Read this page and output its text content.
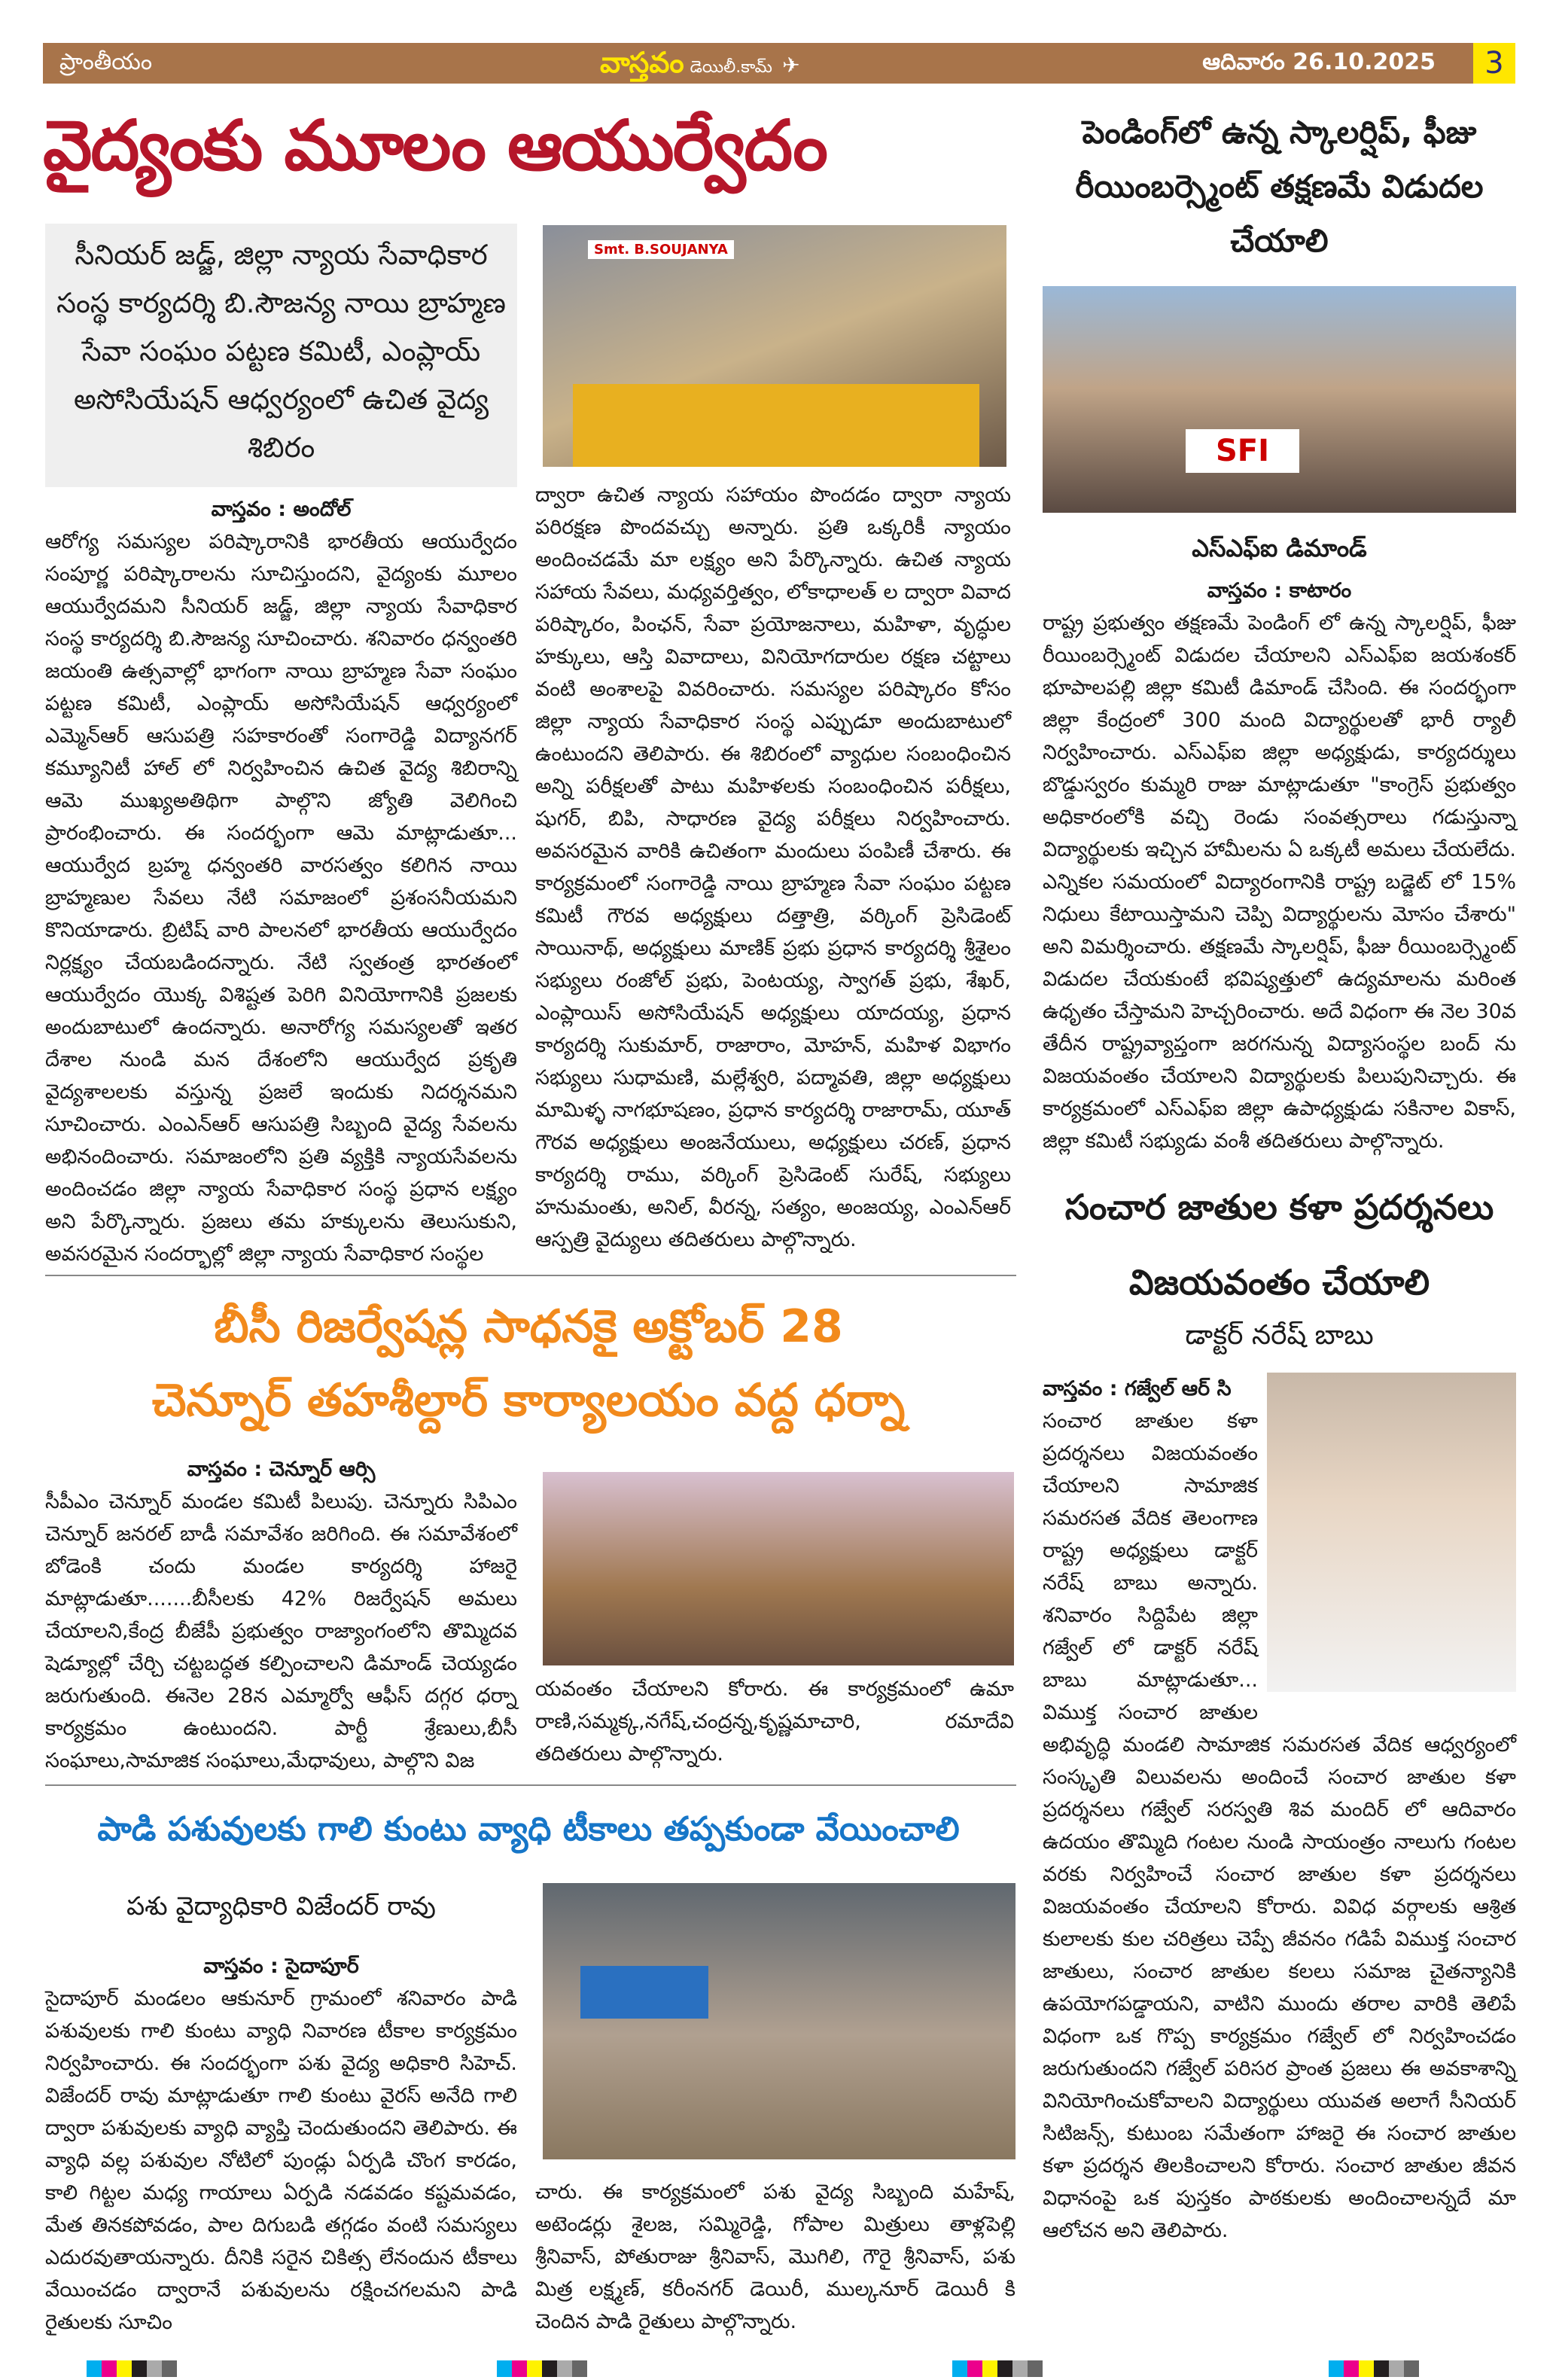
ప్రాంతీయం	వాస్తవం డెయిలీ.కామ్ ✈	ఆదివారం 26.10.2025	3
వైద్యంకు మూలం ఆయుర్వేదం
సీనియర్ జడ్జ్, జిల్లా న్యాయ సేవాధికార సంస్థ కార్యదర్శి బి.సౌజన్య నాయి బ్రాహ్మణ సేవా సంఘం పట్టణ కమిటీ, ఎంప్లాయ్ అసోసియేషన్ ఆధ్వర్యంలో ఉచిత వైద్య శిబిరం
Smt. B.SOUJANYA
వాస్తవం : అందోల్
ఆరోగ్య సమస్యల పరిష్కారానికి భారతీయ ఆయుర్వేదం సంపూర్ణ పరిష్కారాలను సూచిస్తుందని, వైద్యంకు మూలం ఆయుర్వేదమని సీనియర్ జడ్జ్, జిల్లా న్యాయ సేవాధికార సంస్థ కార్యదర్శి బి.సౌజన్య సూచించారు. శనివారం ధన్వంతరి జయంతి ఉత్సవాల్లో భాగంగా నాయి బ్రాహ్మణ సేవా సంఘం పట్టణ కమిటీ, ఎంప్లాయ్ అసోసియేషన్ ఆధ్వర్యంలో ఎమ్మెన్ఆర్ ఆసుపత్రి సహకారంతో సంగారెడ్డి విద్యానగర్ కమ్యూనిటీ హాల్ లో నిర్వహించిన ఉచిత వైద్య శిబిరాన్ని ఆమె ముఖ్యఅతిథిగా పాల్గొని జ్యోతి వెలిగించి ప్రారంభించారు. ఈ సందర్భంగా ఆమె మాట్లాడుతూ... ఆయుర్వేద బ్రహ్మ ధన్వంతరి వారసత్వం కలిగిన నాయి బ్రాహ్మణుల సేవలు నేటి సమాజంలో ప్రశంసనీయమని కొనియాడారు. బ్రిటిష్ వారి పాలనలో భారతీయ ఆయుర్వేదం నిర్లక్ష్యం చేయబడిందన్నారు. నేటి స్వతంత్ర భారతంలో ఆయుర్వేదం యొక్క విశిష్టత పెరిగి వినియోగానికి ప్రజలకు అందుబాటులో ఉందన్నారు. అనారోగ్య సమస్యలతో ఇతర దేశాల నుండి మన దేశంలోని ఆయుర్వేద ప్రకృతి వైద్యశాలలకు వస్తున్న ప్రజలే ఇందుకు నిదర్శనమని సూచించారు. ఎంఎన్ఆర్ ఆసుపత్రి సిబ్బంది వైద్య సేవలను అభినందించారు. సమాజంలోని ప్రతి వ్యక్తికి న్యాయసేవలను అందించడం జిల్లా న్యాయ సేవాధికార సంస్థ ప్రధాన లక్ష్యం అని పేర్కొన్నారు. ప్రజలు తమ హక్కులను తెలుసుకుని, అవసరమైన సందర్భాల్లో జిల్లా న్యాయ సేవాధికార సంస్థల
ద్వారా ఉచిత న్యాయ సహాయం పొందడం ద్వారా న్యాయ పరిరక్షణ పొందవచ్చు అన్నారు. ప్రతి ఒక్కరికీ న్యాయం అందించడమే మా లక్ష్యం అని పేర్కొన్నారు. ఉచిత న్యాయ సహాయ సేవలు, మధ్యవర్తిత్వం, లోకాధాలత్ ల ద్వారా వివాద పరిష్కారం, పింఛన్, సేవా ప్రయోజనాలు, మహిళా, వృద్ధుల హక్కులు, ఆస్తి వివాదాలు, వినియోగదారుల రక్షణ చట్టాలు వంటి అంశాలపై వివరించారు. సమస్యల పరిష్కారం కోసం జిల్లా న్యాయ సేవాధికార సంస్థ ఎప్పుడూ అందుబాటులో ఉంటుందని తెలిపారు. ఈ శిబిరంలో వ్యాధుల సంబంధించిన అన్ని పరీక్షలతో పాటు మహిళలకు సంబంధించిన పరీక్షలు, షుగర్, బిపి, సాధారణ వైద్య పరీక్షలు నిర్వహించారు. అవసరమైన వారికి ఉచితంగా మందులు పంపిణీ చేశారు. ఈ కార్యక్రమంలో సంగారెడ్డి నాయి బ్రాహ్మణ సేవా సంఘం పట్టణ కమిటీ గౌరవ అధ్యక్షులు దత్తాత్రి, వర్కింగ్ ప్రెసిడెంట్ సాయినాథ్, అధ్యక్షులు మాణిక్ ప్రభు ప్రధాన కార్యదర్శి శ్రీశైలం సభ్యులు రంజోల్ ప్రభు, పెంటయ్య, స్వాగత్ ప్రభు, శేఖర్, ఎంప్లాయిస్ అసోసియేషన్ అధ్యక్షులు యాదయ్య, ప్రధాన కార్యదర్శి సుకుమార్, రాజారాం, మోహన్, మహిళ విభాగం సభ్యులు సుధామణి, మల్లేశ్వరి, పద్మావతి, జిల్లా అధ్యక్షులు మామిళ్ళ నాగభూషణం, ప్రధాన కార్యదర్శి రాజారామ్, యూత్ గౌరవ అధ్యక్షులు అంజనేయులు, అధ్యక్షులు చరణ్, ప్రధాన కార్యదర్శి రాము, వర్కింగ్ ప్రెసిడెంట్ సురేష్, సభ్యులు హనుమంతు, అనిల్, వీరన్న, సత్యం, అంజయ్య, ఎంఎన్ఆర్ ఆస్పత్రి వైద్యులు తదితరులు పాల్గొన్నారు.
పెండింగ్‌లో ఉన్న స్కాలర్షిప్, ఫీజు రీయింబర్స్మెంట్ తక్షణమే విడుదల చేయాలి
SFI
ఎస్ఎఫ్ఐ డిమాండ్
వాస్తవం : కాటారం
రాష్ట్ర ప్రభుత్వం తక్షణమే పెండింగ్ లో ఉన్న స్కాలర్షిప్, ఫీజు రీయింబర్స్మెంట్ విడుదల చేయాలని ఎస్ఎఫ్ఐ జయశంకర్ భూపాలపల్లి జిల్లా కమిటీ డిమాండ్ చేసింది. ఈ సందర్భంగా జిల్లా కేంద్రంలో 300 మంది విద్యార్థులతో భారీ ర్యాలీ నిర్వహించారు. ఎస్ఎఫ్ఐ జిల్లా అధ్యక్షుడు, కార్యదర్శులు బొడ్డుస్వరం కుమ్మరి రాజు మాట్లాడుతూ "కాంగ్రెస్ ప్రభుత్వం అధికారంలోకి వచ్చి రెండు సంవత్సరాలు గడుస్తున్నా విద్యార్థులకు ఇచ్చిన హామీలను ఏ ఒక్కటీ అమలు చేయలేదు. ఎన్నికల సమయంలో విద్యారంగానికి రాష్ట్ర బడ్జెట్ లో 15% నిధులు కేటాయిస్తామని చెప్పి విద్యార్థులను మోసం చేశారు" అని విమర్శించారు. తక్షణమే స్కాలర్షిప్, ఫీజు రీయింబర్స్మెంట్ విడుదల చేయకుంటే భవిష్యత్తులో ఉద్యమాలను మరింత ఉధృతం చేస్తామని హెచ్చరించారు. అదే విధంగా ఈ నెల 30వ తేదీన రాష్ట్రవ్యాప్తంగా జరగనున్న విద్యాసంస్థల బంద్ ను విజయవంతం చేయాలని విద్యార్థులకు పిలుపునిచ్చారు. ఈ కార్యక్రమంలో ఎస్ఎఫ్ఐ జిల్లా ఉపాధ్యక్షుడు సకినాల వికాస్, జిల్లా కమిటీ సభ్యుడు వంశీ తదితరులు పాల్గొన్నారు.
సంచార జాతుల కళా ప్రదర్శనలు
విజయవంతం చేయాలి
డాక్టర్ నరేష్ బాబు
వాస్తవం : గజ్వేల్ ఆర్ సి
సంచార జాతుల కళా ప్రదర్శనలు విజయవంతం చేయాలని సామాజిక సమరసత వేదిక తెలంగాణ రాష్ట్ర అధ్యక్షులు డాక్టర్ నరేష్ బాబు అన్నారు. శనివారం సిద్దిపేట జిల్లా గజ్వేల్ లో డాక్టర్ నరేష్ బాబు మాట్లాడుతూ... విముక్త సంచార జాతుల అభివృద్ధి మండలి సామాజిక సమరసత వేదిక ఆధ్వర్యంలో సంస్కృతి విలువలను అందించే సంచార జాతుల కళా ప్రదర్శనలు గజ్వేల్ సరస్వతి శివ మందిర్ లో ఆదివారం ఉదయం తొమ్మిది గంటల నుండి సాయంత్రం నాలుగు గంటల వరకు నిర్వహించే సంచార జాతుల కళా ప్రదర్శనలు విజయవంతం చేయాలని కోరారు. వివిధ వర్గాలకు ఆశ్రిత కులాలకు కుల చరిత్రలు చెప్పే జీవనం గడిపే విముక్త సంచార జాతులు, సంచార జాతుల కలలు సమాజ చైతన్యానికి ఉపయోగపడ్డాయని, వాటిని ముందు తరాల వారికి తెలిపే విధంగా ఒక గొప్ప కార్యక్రమం గజ్వేల్ లో నిర్వహించడం జరుగుతుందని గజ్వేల్ పరిసర ప్రాంత ప్రజలు ఈ అవకాశాన్ని వినియోగించుకోవాలని విద్యార్థులు యువత అలాగే సీనియర్ సిటిజన్స్, కుటుంబ సమేతంగా హాజరై ఈ సంచార జాతుల కళా ప్రదర్శన తిలకించాలని కోరారు. సంచార జాతుల జీవన విధానంపై ఒక పుస్తకం పాఠకులకు అందించాలన్నదే మా ఆలోచన అని తెలిపారు.
బీసీ రిజర్వేషన్ల సాధనకై అక్టోబర్ 28
చెన్నూర్ తహశీల్దార్ కార్యాలయం వద్ద ధర్నా
వాస్తవం : చెన్నూర్ ఆర్సి
సీపీఎం చెన్నూర్ మండల కమిటీ పిలుపు. చెన్నూరు సిపిఎం చెన్నూర్ జనరల్ బాడీ సమావేశం జరిగింది. ఈ సమావేశంలో బోడెంకి చందు మండల కార్యదర్శి హాజరై మాట్లాడుతూ.......బీసీలకు 42% రిజర్వేషన్ అమలు చేయాలని,కేంద్ర బీజేపీ ప్రభుత్వం రాజ్యాంగంలోని తొమ్మిదవ షెడ్యూల్లో చేర్చి చట్టబద్ధత కల్పించాలని డిమాండ్ చెయ్యడం జరుగుతుంది. ఈనెల 28న ఎమ్మార్వో ఆఫీస్ దగ్గర ధర్నా కార్యక్రమం ఉంటుందని. పార్టీ శ్రేణులు,బీసీ సంఘాలు,సామాజిక సంఘాలు,మేధావులు, పాల్గొని విజ
యవంతం చేయాలని కోరారు. ఈ కార్యక్రమంలో ఉమా రాణి,సమ్మక్క,నగేష్,చంద్రన్న,కృష్ణమాచారి, రమాదేవి తదితరులు పాల్గొన్నారు.
పాడి పశువులకు గాలి కుంటు వ్యాధి టీకాలు తప్పకుండా వేయించాలి
పశు వైద్యాధికారి విజేందర్ రావు
వాస్తవం : సైదాపూర్
సైదాపూర్ మండలం ఆకునూర్ గ్రామంలో శనివారం పాడి పశువులకు గాలి కుంటు వ్యాధి నివారణ టీకాల కార్యక్రమం నిర్వహించారు. ఈ సందర్భంగా పశు వైద్య అధికారి సిహెచ్. విజేందర్ రావు మాట్లాడుతూ గాలి కుంటు వైరస్ అనేది గాలి ద్వారా పశువులకు వ్యాధి వ్యాప్తి చెందుతుందని తెలిపారు. ఈ వ్యాధి వల్ల పశువుల నోటిలో పుండ్లు ఏర్పడి చొంగ కారడం, కాలి గిట్టల మధ్య గాయాలు ఏర్పడి నడవడం కష్టమవడం, మేత తినకపోవడం, పాల దిగుబడి తగ్గడం వంటి సమస్యలు ఎదురవుతాయన్నారు. దీనికి సరైన చికిత్స లేనందున టీకాలు వేయించడం ద్వారానే పశువులను రక్షించగలమని పాడి రైతులకు సూచిం
చారు. ఈ కార్యక్రమంలో పశు వైద్య సిబ్బంది మహేష్, అటెండర్లు శైలజ, సమ్మిరెడ్డి, గోపాల మిత్రులు తాళ్లపెల్లి శ్రీనివాస్, పోతురాజు శ్రీనివాస్, మొగిలి, గౌరై శ్రీనివాస్, పశు మిత్ర లక్ష్మణ్, కరీంనగర్ డెయిరీ, ముల్కనూర్ డెయిరీ కి చెందిన పాడి రైతులు పాల్గొన్నారు.
